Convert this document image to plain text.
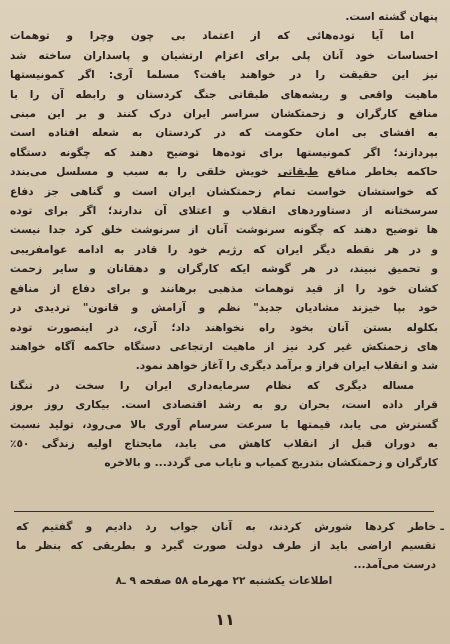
پنهان گشته است.
اما آیا توده‌هائی که از اعتماد بی چون وچرا و توهمات
احساسات خود آنان پلی برای اعزام ارتشیان و پاسداران ساخته شد
نیز این حقیقت را در خواهند یافت؟ مسلما آری: اگر کمونیستها
ماهیت واقعی و ریشه‌های طبقاتی جنگ کردستان و رابطه آن را با
منافع کارگران و زحمتکشان سراسر ایران درک کنند و بر این مبنی
به افشای بی امان حکومت که در کردستان به شعله افتاده است
بپردازند؛ اگر کمونیستها برای توده‌ها توضیح دهند که چگونه دستگاه
حاکمه بخاطر منافع طبقاتی خویش خلقی را به سبب و مسلسل می‌بندد
که خواستشان خواست تمام زحمتکشان ایران است و گناهی جز دفاع
سرسختانه از دستاوردهای انقلاب و اعتلای آن ندارند؛ اگر برای توده
ها توضیح دهند که چگونه سرنوشت آنان از سرنوشت خلق کرد جدا نیست
و در هر نقطه دیگر ایران که رژیم خود را قادر به ادامه عوامفریبی
و تحمیق نبیند، در هر گوشه ایکه کارگران و دهقانان و سایر زحمت
کشان خود را از قید توهمات مذهبی برهانند و برای دفاع از منافع
خود بپا خیزند مشادیان جدید" نظم و آرامش و قانون" تردیدی در
بکلوله بستن آنان بخود راه نخواهند داد؛ آری، در اینصورت توده
های زحمتکش غیر کرد نیز از ماهیت ارتجاعی دستگاه حاکمه آگاه خواهند
شد و انقلاب ایران فراز و برآمد دیگری را آغاز خواهد نمود.
مساله دیگری که نظام سرمایه‌داری ایران را سخت در تنگنا
قرار داده است، بحران رو به رشد اقتصادی است. بیکاری روز بروز
گسترش می یابد، قیمتها با سرعت سرسام آوری بالا می‌رود، تولید نسبت
به دوران قبل از انقلاب کاهش می یابد، مایحتاج اولیه زندگی ٥٠٪
کارگران و زحمتکشان بتدریج کمیاب و نایاب می گردد... و بالاخره
ـ
خاطر کردها شورش کردند، به آنان جواب رد دادیم و گفتیم که
تقسیم اراضی باید از طرف دولت صورت گیرد و بطریقی که بنظر ما
درست می‌آمد...
اطلاعات یکشنبه ۲۲ مهرماه ۵۸ صفحه ۹ ـ۸
۱۱
